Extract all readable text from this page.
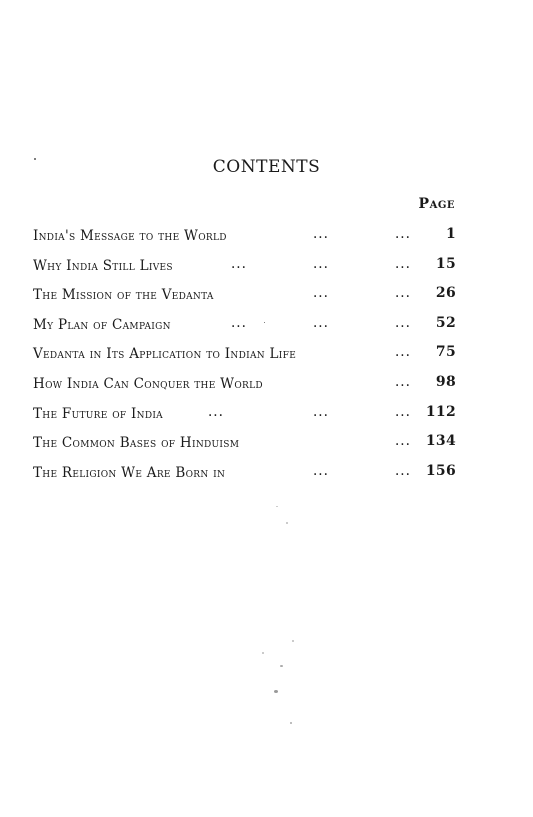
CONTENTS
Page
India's Message to the World	...	...	1
Why India Still Lives	...	...	... 15
The Mission of the Vedanta	...	... 26
My Plan of Campaign	...	...	... 52
Vedanta in Its Application to Indian Life	... 75
How India Can Conquer the World	... 98
The Future of India	...	...	... 112
The Common Bases of Hinduism	... 134
The Religion We Are Born in	...	... 156
